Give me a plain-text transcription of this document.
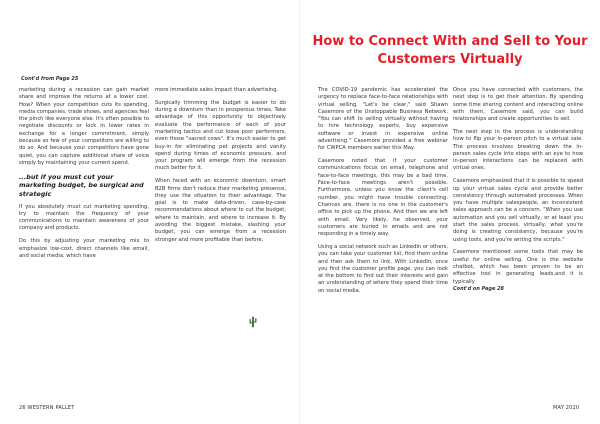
Cont'd from Page 25

marketing during a recession can gain market share and improve the returns at a lower cost. How? When your competition cuts its spending, media companies, trade shows, and agencies feel the pinch like everyone else. It's often possible to negotiate discounts or lock in lower rates in exchange for a longer commitment, simply because so few of your competitors are willing to do so. And because your competitors have gone quiet, you can capture additional share of voice simply by maintaining your current spend.

...but if you must cut your marketing budget, be surgical and strategic

If you absolutely must cut marketing spending, try to maintain the frequency of your communications to maintain awareness of your company and products.

Do this by adjusting your marketing mix to emphasize low-cost, direct channels like email, and social media, which have

more immediate sales impact than advertising.

Surgically trimming the budget is easier to do during a downturn than in prosperous times. Take advantage of this opportunity to objectively evaluate the performance of each of your marketing tactics and cut loose poor performers, even those "sacred cows". It's much easier to get buy-in for eliminating pet projects and vanity spend during times of economic pressure, and your program will emerge from the recession much better for it.

When faced with an economic downturn, smart B2B firms don't reduce their marketing presence, they use the situation to their advantage. The goal is to make data-driven, case-by-case recommendations about where to cut the budget, where to maintain, and where to increase it. By avoiding the biggest mistake, slashing your budget, you can emerge from a recession stronger and more profitable than before.

26 WESTERN PALLET
How to Connect With and Sell to Your Customers Virtually

The COVID-19 pandemic has accelerated the urgency to replace face-to-face relationships with virtual selling. "Let's be clear," said Shawn Casemore of the Unstoppable Business Network. "You can shift to selling virtually without having to hire technology experts, buy expensive software or invest in expensive online advertising." Casemore provided a free webinar for CWPCA members earlier this May.

Casemore noted that if your customer communications focus on email, telephone and face-to-face meetings, this may be a bad time. Face-to-face meetings aren't possible. Furthermore, unless you know the client's cell number, you might have trouble connecting. Chances are, there is no one in the customer's office to pick up the phone. And then we are left with email. Very likely, he observed, your customers are buried in emails and are not responding in a timely way.

Using a social network such as LinkedIn or others, you can take your customer list, find them online and then ask them to link. With LinkedIn, once you find the customer profile page, you can look at the bottom to find out their interests and gain an understanding of where they spend their time on social media.

Once you have connected with customers, the next step is to get their attention. By spending some time sharing content and interacting online with them, Casemore said, you can build relationships and create opportunities to sell.

The next step in the process is understanding how to flip your in-person pitch to a virtual sale. The process involves breaking down the in-person sales cycle into steps with an eye to how in-person interactions can be replaced with virtual ones.

Casemore emphasized that it is possible to speed up your virtual sales cycle and provide better consistency through automated processes. When you have multiple salespeople, an inconsistent sales approach can be a concern. "When you use automation and you sell virtually, or at least you start the sales process, virtually, what you're doing is creating consistency, because you're using tools, and you're writing the scripts."

Casemore mentioned some tools that may be useful for online selling. One is the website chatbot, which has been proven to be an effective tool in generating leads,and it is typically
Cont'd on Page 28

MAY 2020
